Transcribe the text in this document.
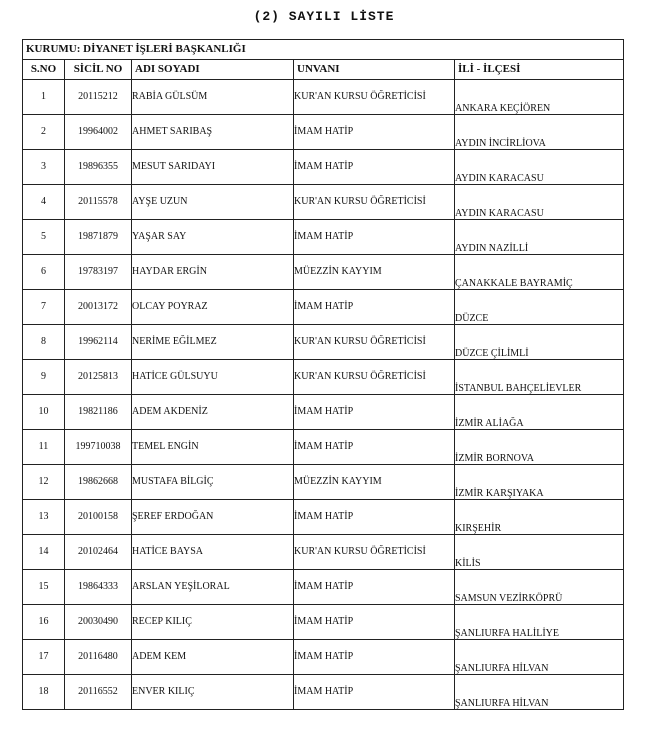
(2) SAYILI LİSTE
KURUMU: DİYANET İŞLERİ BAŞKANLIĞI				
S.NO	SİCİL NO	ADI SOYADI	UNVANI	İLİ - İLÇESİ
1	20115212	RABİA GÜLSÜM	KUR'AN KURSU ÖĞRETİCİSİ	ANKARA KEÇİÖREN
2	19964002	AHMET SARIBAŞ	İMAM HATİP	AYDIN İNCİRLİOVA
3	19896355	MESUT SARIDAYI	İMAM HATİP	AYDIN KARACASU
4	20115578	AYŞE UZUN	KUR'AN KURSU ÖĞRETİCİSİ	AYDIN KARACASU
5	19871879	YAŞAR SAY	İMAM HATİP	AYDIN NAZİLLİ
6	19783197	HAYDAR ERGİN	MÜEZZİN KAYYIM	ÇANAKKALE BAYRAMİÇ
7	20013172	OLCAY POYRAZ	İMAM HATİP	DÜZCE
8	19962114	NERİME EĞİLMEZ	KUR'AN KURSU ÖĞRETİCİSİ	DÜZCE ÇİLİMLİ
9	20125813	HATİCE GÜLSUYU	KUR'AN KURSU ÖĞRETİCİSİ	İSTANBUL BAHÇELİEVLER
10	19821186	ADEM AKDENİZ	İMAM HATİP	İZMİR ALİAĞA
11	199710038	TEMEL ENGİN	İMAM HATİP	İZMİR BORNOVA
12	19862668	MUSTAFA BİLGİÇ	MÜEZZİN KAYYIM	İZMİR KARŞIYAKA
13	20100158	ŞEREF ERDOĞAN	İMAM HATİP	KIRŞEHİR
14	20102464	HATİCE BAYSA	KUR'AN KURSU ÖĞRETİCİSİ	KİLİS
15	19864333	ARSLAN YEŞİLORAL	İMAM HATİP	SAMSUN VEZİRKÖPRÜ
16	20030490	RECEP KILIÇ	İMAM HATİP	ŞANLIURFA HALİLİYE
17	20116480	ADEM KEM	İMAM HATİP	ŞANLIURFA HİLVAN
18	20116552	ENVER KILIÇ	İMAM HATİP	ŞANLIURFA HİLVAN
